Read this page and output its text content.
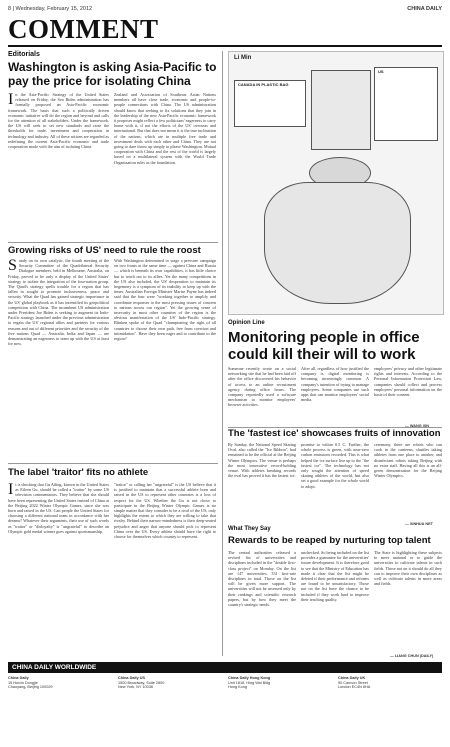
8 | Wednesday, February 15, 2012	CHINA DAILY
COMMENT
Editorials
Washington is asking Asia-Pacific to pay the price for isolating China
In the Asia-Pacific Strategy of the United States released on Friday, the Sea Biden administration has formally proposed an Asia-Pacific economic framework. The basis that such a politically driven economic initiative will do the region and beyond and calls for the attention of all stakeholders. Under the framework, the US will seek to set new standards and raise the thresholds for trade, investment and cooperation in technology and industry. All of these actions are regarded as redefining the current Asia-Pacific economic and trade cooperation mode with the aim of isolating China.
Zealand and Association of Southeast Asian Nations members all have close trade, economic and people-to-people connections with China. The US administration should know that seeking to fix solutions that they join in the leadership of the new Asia-Pacific economic framework it proposes might reflect a few politicians' eagerness to carry home with it, if not the efforts of the US' overseas and international. But that does not mean it is the true inclination of the nations, which are in multiple free trade and investment deals with each other and China. They are not going to dare throw up simply to please Washington. Mutual cooperation with China and the rest of the world is largely based on a multilateral system with the World Trade Organization rules as the foundation.
Growing risks of US' need to rule the roost
Sandy on its own catalytic, the fourth meeting of the Security Committee of the Quadrilateral Security Dialogue members, held in Melbourne, Australia, on Friday, proved to be only a display of the United States' strategy to isolate the integration of the four-nation group. The Quad's strategy spells trouble for a region that has fallen in sought to promote inclusiveness, peace and security. What the Quad has gained strategic importance in the US' global playbook as it has intensified its geopolitical competition with China. The incumbent US administration under President Joe Biden is seeking to augment its Indo-Pacific strategy launched under the previous administration to regain the US' regional allies and partners for various reasons and out of different priorities and the security of the five nations Quad — Australia, India and Japan — are demonstrating an eagerness to team up with the US at least for now.
With Washington determined to wage a pressure campaign on two fronts at the same time — against China and Russia — which is beneath its own capabilities, it has little choice but to reach out to its allies. Yet the many competitions in the US also included, the US' desperation to maintain its hegemony is a symptom of its inability to keep up with the times. Australian Foreign Minister Marise Payne has indeed said that the four were "working together to amplify and coordinate responses to the most pressing issues of concern to nations across our region". Yet the growing sense of insecurity in most other countries of the region is the obvious manifestation of the US' Indo-Pacific strategy. Blinken spoke of the Quad "championing the right of all countries to choose their own path, free from coercion and intimidation". Have they been eager and to contribute to the region?
The label 'traitor' fits no athlete
It is shocking that Gu Ailing, known in the United States as Eileen Gu, should be called a "traitor" by some US television commentators. They believe that she should have been representing the United States instead of China at the Beijing 2022 Winter Olympic Games, since she was born and raised in the US. Can people the United States for choosing a different national team in accordance with her dreams? Whatever their arguments, their use of such words as "traitor" or "disloyalty" is "ungrateful" to describe an Olympic gold medal winner goes against sportsmanship.
"traitor" or calling her "ungrateful" is the US believe that it is justified to maintain that a successful athlete born and raised in the US to represent other countries is a loss of respect for the US. Whether the Gu is not chose to participate in the Beijing Winter Olympic Games is no simple matter that they consider to be a rival of the US, only highlights the extent to which they are willing to take that rivalry. Behind their narrow-mindedness is their deep-seated prejudice and anger that anyone should pick to represent China over the US. Every athlete should have the right to choose for themselves which country to represent.
Li Min
CANADA IN PLASTIC BAG
US
Opinion Line
Monitoring people in office could kill their will to work
Someone recently wrote on a social networking site that he had been laid off after the office discovered his behavior of access to an online recruitment agency during office hours. The company reportedly used a software mechanism to monitor employees' browser activities.
After all, regardless of how justified the company is, digital monitoring is becoming increasingly common. A company's intention of trying to manage employees. Some companies use such apps that can monitor employees' social media.
employees' privacy and other legitimate rights and interests. According to the Personal Information Protection Law, companies should collect and process employees' personal information on the basis of their consent.
— WANG XIN
The 'fastest ice' showcases fruits of innovation
By Sunday, the National Speed Skating Oval, also called the "Ice Ribbon", had remained to be the official at the Beijing Winter Olympics. The venue is perhaps the most innovative record-holding venue. With athletes breaking records the oval has proved it has the fastest ice.
promise to within 0.5 C. Further, the whole process is green, with near-zero carbon emissions recorded. This is what helped the ice surface live up to the "the fastest ice". The technology has not only sought the attention of speed skating athletes of the world, but also set a good example for the whole world to adopt.
ceremony, there are robots who can cook in the canteens, shuttles taking athletes from one place to another, and disinfectant robots taking Beijing with no extra staff. Having all this is an all-green demonstration for the Beijing Winter Olympics.
— XINHUA NET
What They Say
Rewards to be reaped by nurturing top talent
The central authorities released a revised list of universities and disciplines included in the "double first-class project" on Monday. On the list are 147 universities, 331 first-rate disciplines in total. Those on the list will be given more support. The universities will not be assessed only by their rankings and scientific research papers, but by how they meet the country's strategic needs.
unchecked. So being included on the list provides a guarantee for the universities' future development. It is therefore good to see that the Ministry of Education has made it clear that the list might be deleted if their performance and reforms are found to be unsatisfactory. Those not on the list have the chance to be included if they work hard to improve their teaching quality.
The State is highlighting these subjects to meet national or to guide the universities to cultivate talents in such fields. Those not on it should do all they can to improve their own disciplines as well as cultivate talents in more areas and fields.
— LIANG CHUN (DAILY)
CHINA DAILY WORLDWIDE
China Daily
15 Huixin Dongjie
Chaoyang, Beijing 100029
China Daily US
1500 Broadway, Suite 2800
New York, NY 10036
China Daily Hong Kong
Unit 1818, Hing Wai Bldg
Hong Kong
China Daily UK
90 Cannon Street
London EC4N 6HA
